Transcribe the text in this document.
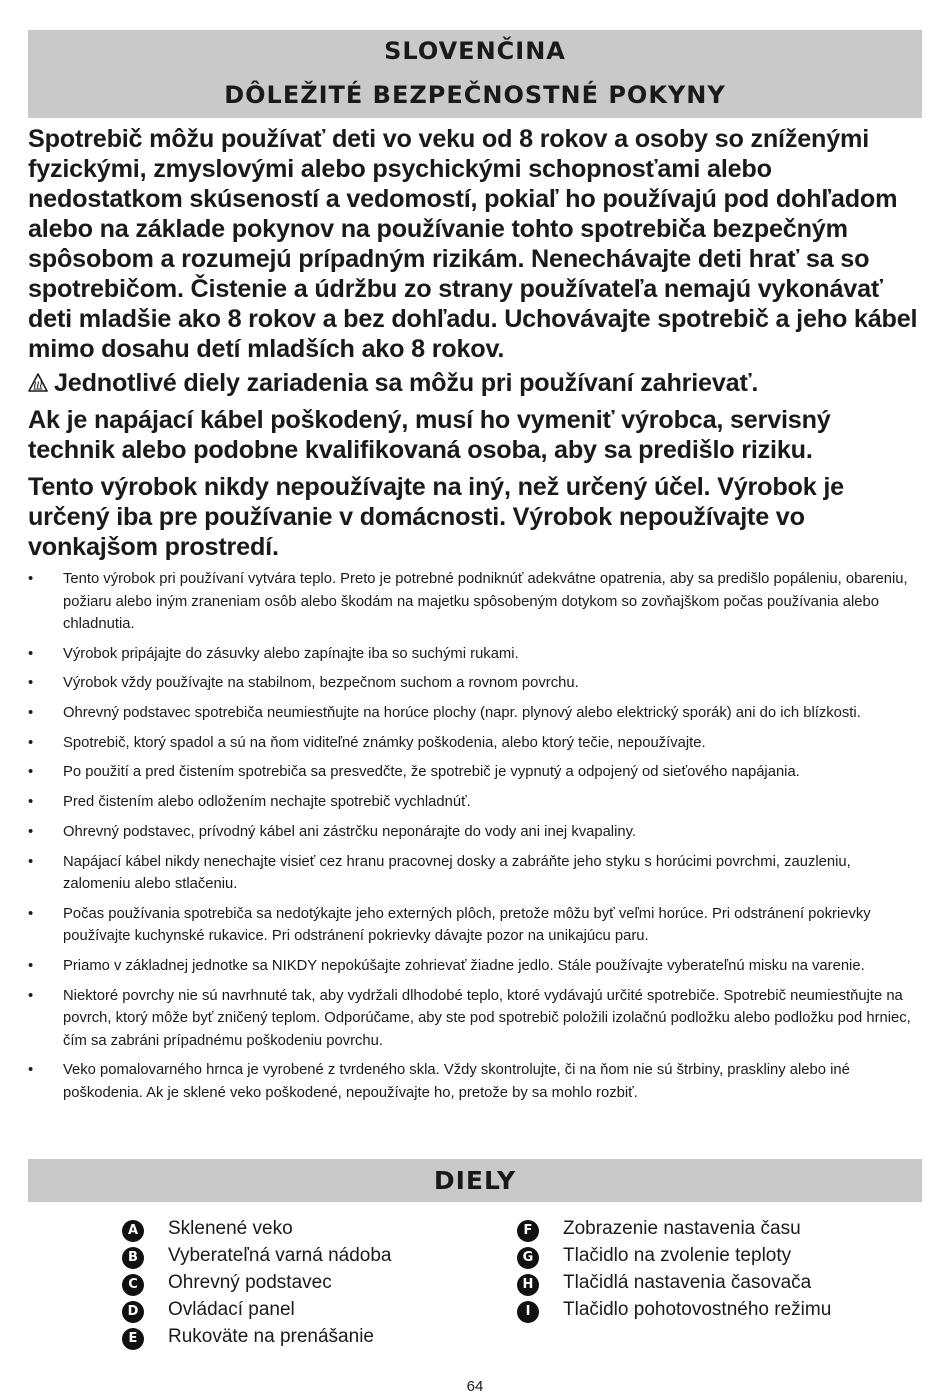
SLOVENČINA
DÔLEŽITÉ BEZPEČNOSTNÉ POKYNY

Spotrebič môžu používať deti vo veku od 8 rokov a osoby so zníženými fyzickými, zmyslovými alebo psychickými schopnosťami alebo nedostatkom skúseností a vedomostí, pokiaľ ho používajú pod dohľadom alebo na základe pokynov na používanie tohto spotrebiča bezpečným spôsobom a rozumejú prípadným rizikám. Nenechávajte deti hrať sa so spotrebičom. Čistenie a údržbu zo strany používateľa nemajú vykonávať deti mladšie ako 8 rokov a bez dohľadu. Uchovávajte spotrebič a jeho kábel mimo dosahu detí mladších ako 8 rokov.

Jednotlivé diely zariadenia sa môžu pri používaní zahrievať.

Ak je napájací kábel poškodený, musí ho vymeniť výrobca, servisný technik alebo podobne kvalifikovaná osoba, aby sa predišlo riziku.

Tento výrobok nikdy nepoužívajte na iný, než určený účel. Výrobok je určený iba pre používanie v domácnosti. Výrobok nepoužívajte vo vonkajšom prostredí.

• Tento výrobok pri používaní vytvára teplo. Preto je potrebné podniknúť adekvátne opatrenia, aby sa predišlo popáleniu, obareniu, požiaru alebo iným zraneniam osôb alebo škodám na majetku spôsobeným dotykom so zovňajškom počas používania alebo chladnutia.
• Výrobok pripájajte do zásuvky alebo zapínajte iba so suchými rukami.
• Výrobok vždy používajte na stabilnom, bezpečnom suchom a rovnom povrchu.
• Ohrevný podstavec spotrebiča neumiestňujte na horúce plochy (napr. plynový alebo elektrický sporák) ani do ich blízkosti.
• Spotrebič, ktorý spadol a sú na ňom viditeľné známky poškodenia, alebo ktorý tečie, nepoužívajte.
• Po použití a pred čistením spotrebiča sa presvedčte, že spotrebič je vypnutý a odpojený od sieťového napájania.
• Pred čistením alebo odložením nechajte spotrebič vychladnúť.
• Ohrevný podstavec, prívodný kábel ani zástrčku neponárajte do vody ani inej kvapaliny.
• Napájací kábel nikdy nenechajte visieť cez hranu pracovnej dosky a zabráňte jeho styku s horúcimi povrchmi, zauzleniu, zalomeniu alebo stlačeniu.
• Počas používania spotrebiča sa nedotýkajte jeho externých plôch, pretože môžu byť veľmi horúce. Pri odstránení pokrievky používajte kuchynské rukavice. Pri odstránení pokrievky dávajte pozor na unikajúcu paru.
• Priamo v základnej jednotke sa NIKDY nepokúšajte zohrievať žiadne jedlo. Stále používajte vyberateľnú misku na varenie.
• Niektoré povrchy nie sú navrhnuté tak, aby vydržali dlhodobé teplo, ktoré vydávajú určité spotrebiče. Spotrebič neumiestňujte na povrch, ktorý môže byť zničený teplom. Odporúčame, aby ste pod spotrebič položili izolačnú podložku alebo podložku pod hrniec, čím sa zabráni prípadnému poškodeniu povrchu.
• Veko pomalovarného hrnca je vyrobené z tvrdeného skla. Vždy skontrolujte, či na ňom nie sú štrbiny, praskliny alebo iné poškodenia. Ak je sklené veko poškodené, nepoužívajte ho, pretože by sa mohlo rozbiť.
DIELY
A	Sklenené veko
B	Vyberateľná varná nádoba
C	Ohrevný podstavec
D Ovládací panel
E	Rukoväte na prenášanie
F	Zobrazenie nastavenia času
G Tlačidlo na zvolenie teploty
H Tlačidlá nastavenia časovača
I	Tlačidlo pohotovostného režimu
64
